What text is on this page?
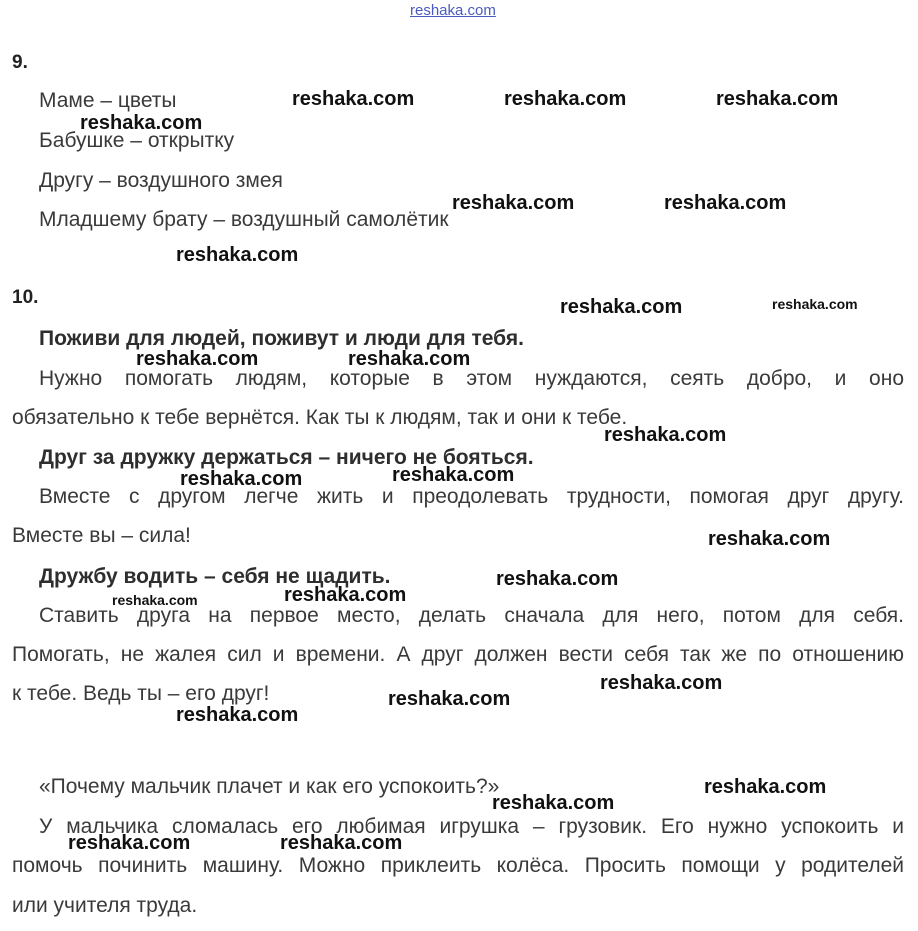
reshaka.com
9.
Маме – цветы
Бабушке – открытку
Другу – воздушного змея
Младшему брату – воздушный самолётик
10.
Поживи для людей, поживут и люди для тебя.
Нужно помогать людям, которые в этом нуждаются, сеять добро, и оно
обязательно к тебе вернётся. Как ты к людям, так и они к тебе.
Друг за дружку держаться – ничего не бояться.
Вместе с другом легче жить и преодолевать трудности, помогая друг другу.
Вместе вы – сила!
Дружбу водить – себя не щадить.
Ставить друга на первое место, делать сначала для него, потом для себя.
Помогать, не жалея сил и времени. А друг должен вести себя так же по отношению
к тебе. Ведь ты – его друг!
«Почему мальчик плачет и как его успокоить?»
У мальчика сломалась его любимая игрушка – грузовик. Его нужно успокоить и
помочь починить машину. Можно приклеить колёса. Просить помощи у родителей
или учителя труда.
reshaka.com	reshaka.com	reshaka.com
reshaka.com
reshaka.com	reshaka.com
reshaka.com
reshaka.com	reshaka.com
reshaka.com	reshaka.com
reshaka.com
reshaka.com
reshaka.com
reshaka.com
reshaka.com
reshaka.com	reshaka.com
reshaka.com
reshaka.com
reshaka.com
reshaka.com
reshaka.com
reshaka.com	reshaka.com
